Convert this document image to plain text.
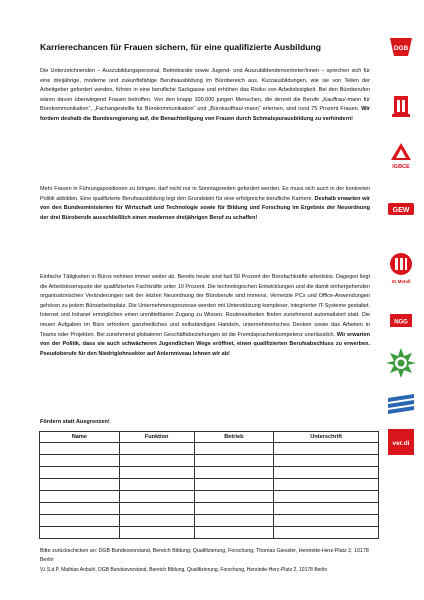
Karrierechancen für Frauen sichern, für eine qualifizierte Ausbildung
Die Unterzeichnenden – Auszubildungspersonal, Betriebsräte sowie Jugend- und Auszubildendenvertreter/innen – sprechen sich für eine dreijährige, moderne und zukunftsfähige Berufsausbildung im Bürobereich aus. Kurzausbildungen, wie sie von Teilen der Arbeitgeber gefordert werden, führen in eine berufliche Sackgasse und erhöhen das Risiko von Arbeitslosigkeit. Bei den Büroberufen wären davon überwiegend Frauen betroffen. Von den knapp 100.000 jungen Menschen, die derzeit die Berufe „Kauffrau/-mann für Bürokommunikation“, „Fachangestellte für Bürokommunikation“ und „Bürokauffrau/-mann“ erlernen, sind rund 75 Prozent Frauen. Wir fordern deshalb die Bundesregierung auf, die Benachteiligung von Frauen durch Schmalspurausbildung zu verhindern!
Mehr Frauen in Führungspositionen zu bringen, darf nicht nur in Sonntagsreden gefordert werden. Es muss sich auch in der konkreten Politik abbilden. Eine qualifizierte Berufsausbildung legt den Grundstein für eine erfolgreiche berufliche Karriere. Deshalb erwarten wir von den Bundesministerien für Wirtschaft und Technologie sowie für Bildung und Forschung im Ergebnis der Neuordnung der drei Büroberufe ausschließlich einen modernen dreijährigen Beruf zu schaffen!
Einfache Tätigkeiten in Büros nehmen immer weiter ab. Bereits heute sind fast 50 Prozent der Bürofachkräfte arbeitslos. Dagegen liegt die Arbeitslosenquote der qualifizierten Fachkräfte unter 10 Prozent. Die technologischen Entwicklungen und die damit einhergehenden organisatorischen Veränderungen seit der letzten Neuordnung der Büroberufe sind immens. Vernetzte PCs und Office-Anwendungen gehören zu jedem Büroarbeitsplatz. Die Unternehmensprozesse werden mit Unterstützung komplexer, integrierter IT-Systeme gestaltet. Internet und Intranet ermöglichen einen unmittelbaren Zugang zu Wissen. Routinearbeiten finden zunehmend automatisiert statt. Die neuen Aufgaben im Büro erfordern ganzheitliches und selbständiges Handeln, unternehmerisches Denken sowie das Arbeiten in Teams oder Projekten. Bei zunehmend globaleren Geschäftsbeziehungen ist die Fremdsprachenkompetenz unerlässlich. Wir erwarten von der Politik, dass sie auch schwächeren Jugendlichen Wege eröffnet, einen qualifizierten Berufsabschluss zu erwerben. Pseudoberufe für den Niedriglohnsektor auf Anlernniveau lehnen wir ab!
Fördern statt Ausgrenzen!
Name	Funktion	Betrieb	Unterschrift

Bitte zurückschicken an: DGB Bundesvorstand, Bereich Bildung, Qualifizierung, Forschung, Thomas Giessler, Henriette-Herz-Platz 2, 10178 Berlin
V.i.S.d.P. Mathias Anbuhl, DGB Bundesvorstand, Bereich Bildung, Qualifizierung, Forschung, Henriette-Herz-Platz 2, 10178 Berlin
DGB
IGBCE
GEW
IG Metall
NGG
ver.di
